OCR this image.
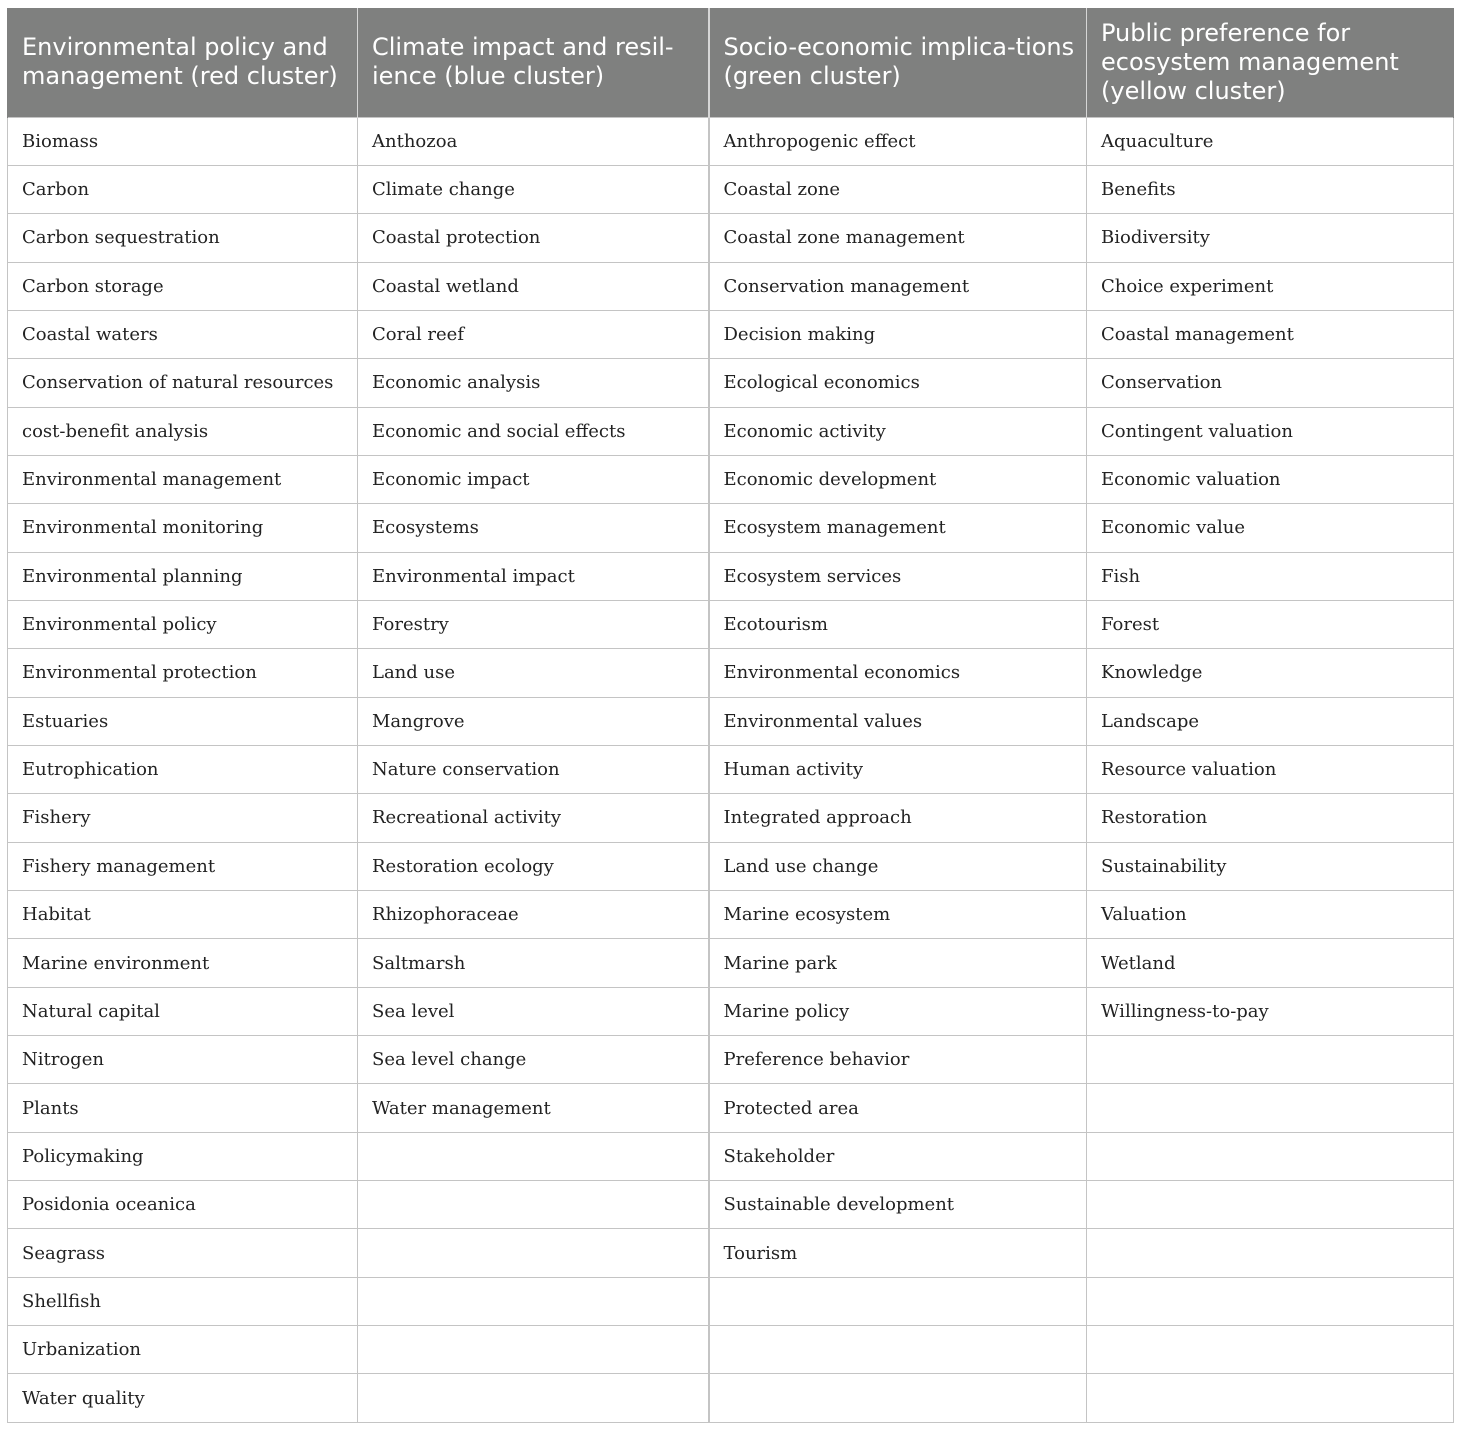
Environmental policy and management (red cluster)	Climate impact and resil-ience (blue cluster)	Socio-economic implica-tions (green cluster)	Public preference for ecosystem management (yellow cluster)
Biomass	Anthozoa	Anthropogenic effect	Aquaculture
Carbon	Climate change	Coastal zone	Benefits
Carbon sequestration	Coastal protection	Coastal zone management	Biodiversity
Carbon storage	Coastal wetland	Conservation management	Choice experiment
Coastal waters	Coral reef	Decision making	Coastal management
Conservation of natural resources	Economic analysis	Ecological economics	Conservation
cost-benefit analysis	Economic and social effects	Economic activity	Contingent valuation
Environmental management	Economic impact	Economic development	Economic valuation
Environmental monitoring	Ecosystems	Ecosystem management	Economic value
Environmental planning	Environmental impact	Ecosystem services	Fish
Environmental policy	Forestry	Ecotourism	Forest
Environmental protection	Land use	Environmental economics	Knowledge
Estuaries	Mangrove	Environmental values	Landscape
Eutrophication	Nature conservation	Human activity	Resource valuation
Fishery	Recreational activity	Integrated approach	Restoration
Fishery management	Restoration ecology	Land use change	Sustainability
Habitat	Rhizophoraceae	Marine ecosystem	Valuation
Marine environment	Saltmarsh	Marine park	Wetland
Natural capital	Sea level	Marine policy	Willingness-to-pay
Nitrogen	Sea level change	Preference behavior	
Plants	Water management	Protected area	
Policymaking		Stakeholder	
Posidonia oceanica		Sustainable development	
Seagrass		Tourism	
Shellfish			
Urbanization			
Water quality			
